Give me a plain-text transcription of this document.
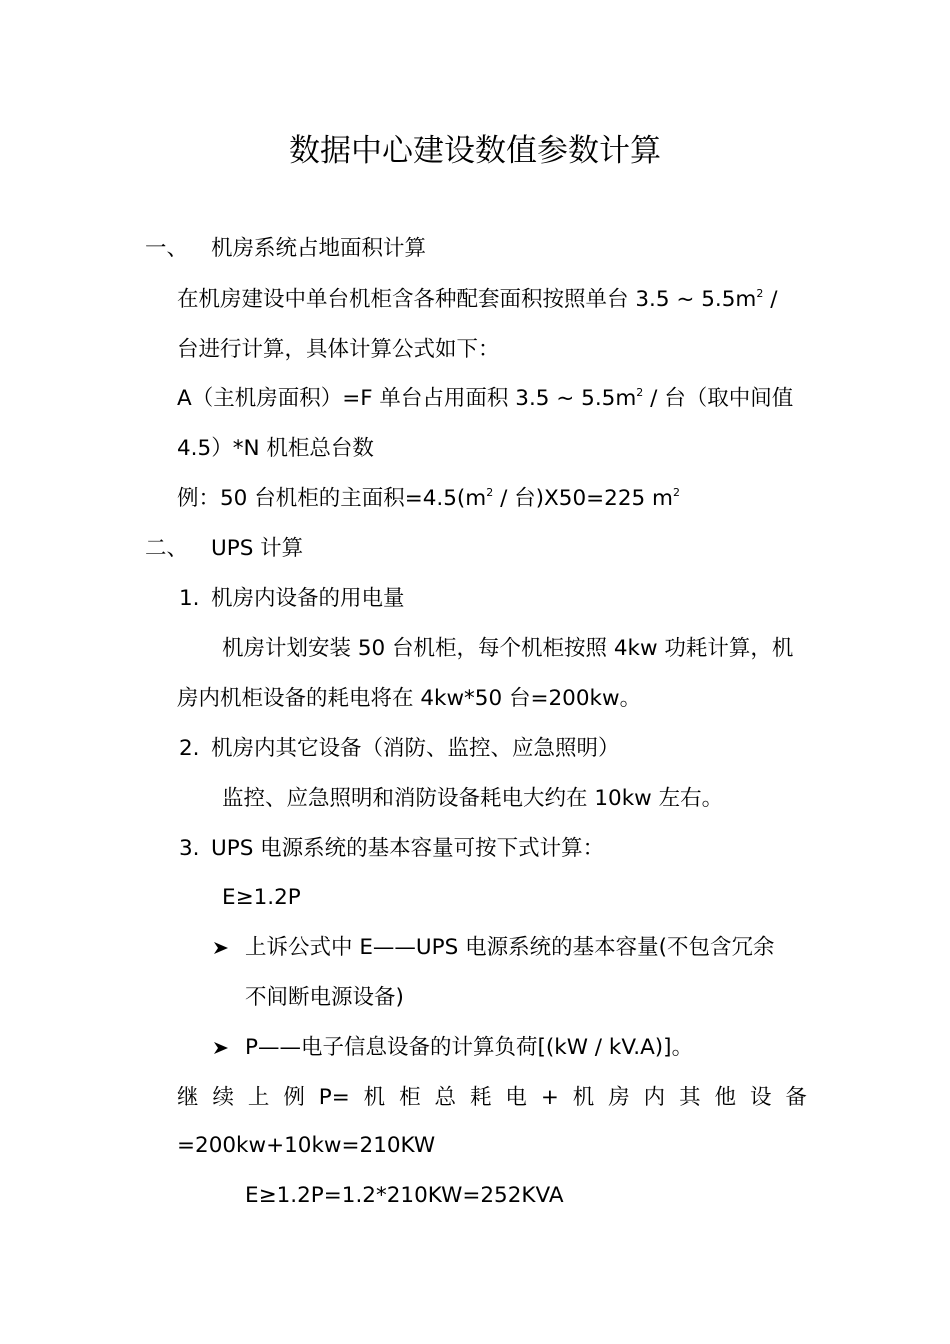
数据中心建设数值参数计算
一、 机房系统占地面积计算
在机房建设中单台机柜含各种配套面积按照单台 3.5 ~ $5.5m^2$ /
台进行计算，具体计算公式如下：
A（主机房面积）=F 单台占用面积 3.5 ~ $5.5m^2$ / 台（取中间值
4.5）*N 机柜总台数
例：50 台机柜的主面积$=4.5(m^2$ / 台)X50=225 $m^2$
二、 UPS 计算
1. 机房内设备的用电量
机房计划安装 50 台机柜，每个机柜按照 4kw 功耗计算，机
房内机柜设备的耗电将在 4kw*50 台=200kw。
2. 机房内其它设备（消防、监控、应急照明）
监控、应急照明和消防设备耗电大约在 10kw 左右。
3. UPS 电源系统的基本容量可按下式计算：
E≥1.2P
上诉公式中 E——UPS 电源系统的基本容量(不包含冗余
不间断电源设备)
P——电子信息设备的计算负荷[(kW / kV.A)]。
继 续 上 例 P= 机 柜 总 耗 电 + 机 房 内 其 他 设 备
=200kw+10kw=210KW
E≥1.2P=1.2*210KW=252KVA
